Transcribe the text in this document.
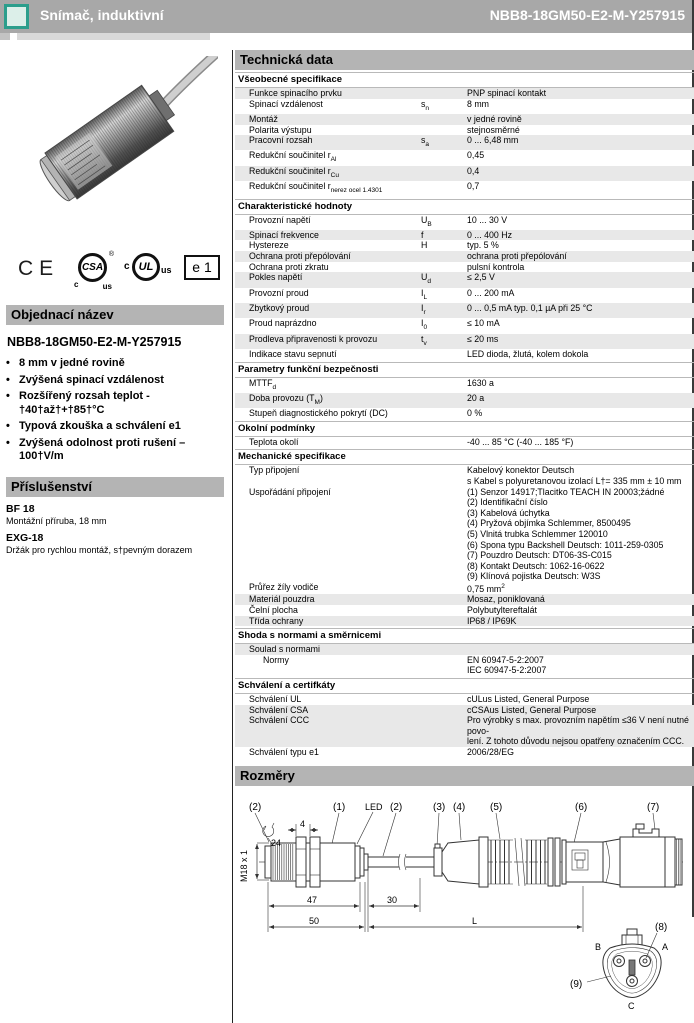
Snímač, induktivní	NBB8-18GM50-E2-M-Y257915
CE	CSA
®
c	us
c UL us	e 1
Objednací název
NBB8-18GM50-E2-M-Y257915
• 8 mm v jedné rovině
• Zvýšená spinací vzdálenost
• Rozšířený rozsah teplot - †40†až†+†85†°C
• Typová zkouška a schválení e1
• Zvýšená odolnost proti rušení – 100†V/m
Příslušenství
BF 18
Montážní příruba, 18 mm
EXG-18
Držák pro rychlou montáž, s†pevným dorazem
Technická data
Všeobecné specifikace
Funkce spinacího prvku	PNP spinací kontakt
Spinací vzdálenost	$s_n$	8 mm
Montáž	v jedné rovině
Polarita výstupu	stejnosměrné
Pracovní rozsah	$s_a$	0 ... 6,48 mm
Redukční součinitel $r_{Al}$	0,45
Redukční součinitel $r_{Cu}$	0,4
Redukční součinitel $r_{nerez ocel 1.4301}$	0,7
Charakteristické hodnoty
Provozní napětí	$U_B$	10 ... 30 V
Spinací frekvence	f	0 ... 400 Hz
Hystereze	H	typ. 5 %
Ochrana proti přepólování	ochrana proti přepólování
Ochrana proti zkratu	pulsní kontrola
Pokles napětí	$U_d$	≤ 2,5 V
Provozní proud	$I_L$	0 ... 200 mA
Zbytkový proud	$I_r$	0 ... 0,5 mA typ. 0,1 µA při 25 °C
Proud naprázdno	$I_0$	≤ 10 mA
Prodleva připravenosti k provozu	$t_v$	≤ 20 ms
Indikace stavu sepnutí	LED dioda, žlutá, kolem dokola
Parametry funkční bezpečnosti
$MTTF_d$	1630 a
Doba provozu $(T_M)$	20 a
Stupeň diagnostického pokrytí (DC)	0 %
Okolní podmínky
Teplota okolí	-40 ... 85 °C (-40 ... 185 °F)
Mechanické specifikace
Typ připojení	Kabelový konektor Deutsch
s Kabel s polyuretanovou izolací L†= 335 mm ± 10 mm
Uspořádání připojení	(1) Senzor 14917;Tlacitko TEACH IN 20003;žádné
(2) Identifikační číslo
(3) Kabelová úchytka
(4) Pryžová objímka Schlemmer, 8500495
(5) Vlnitá trubka Schlemmer 120010
(6) Spona typu Backshell Deutsch: 1011-259-0305
(7) Pouzdro Deutsch: DT06-3S-C015
(8) Kontakt Deutsch: 1062-16-0622
(9) Klínová pojistka Deutsch: W3S
Průřez žíly vodiče	0,75 $mm^2$
Materiál pouzdra	Mosaz, poniklovaná
Čelní plocha	Polybutyltereftalát
Třída ochrany	IP68 / IP69K
Shoda s normami a směrnicemi
Soulad s normami
Normy	EN 60947-5-2:2007
IEC 60947-5-2:2007
Schválení a certifkáty
Schválení UL	cULus Listed, General Purpose
Schválení CSA	cCSAus Listed, General Purpose
Schválení CCC	Pro výrobky s max. provozním napětím ≤36 V není nutné povo-
lení. Z tohoto důvodu nejsou opatřeny označením CCC.
Schválení typu e1	2006/28/EG
Rozměry
(2)	(1) LED (2)	(3) (4) (5)	(6)	(7)
24
M18 x 1
4
47
50
30
L
B	A
C
(8)
(9)
